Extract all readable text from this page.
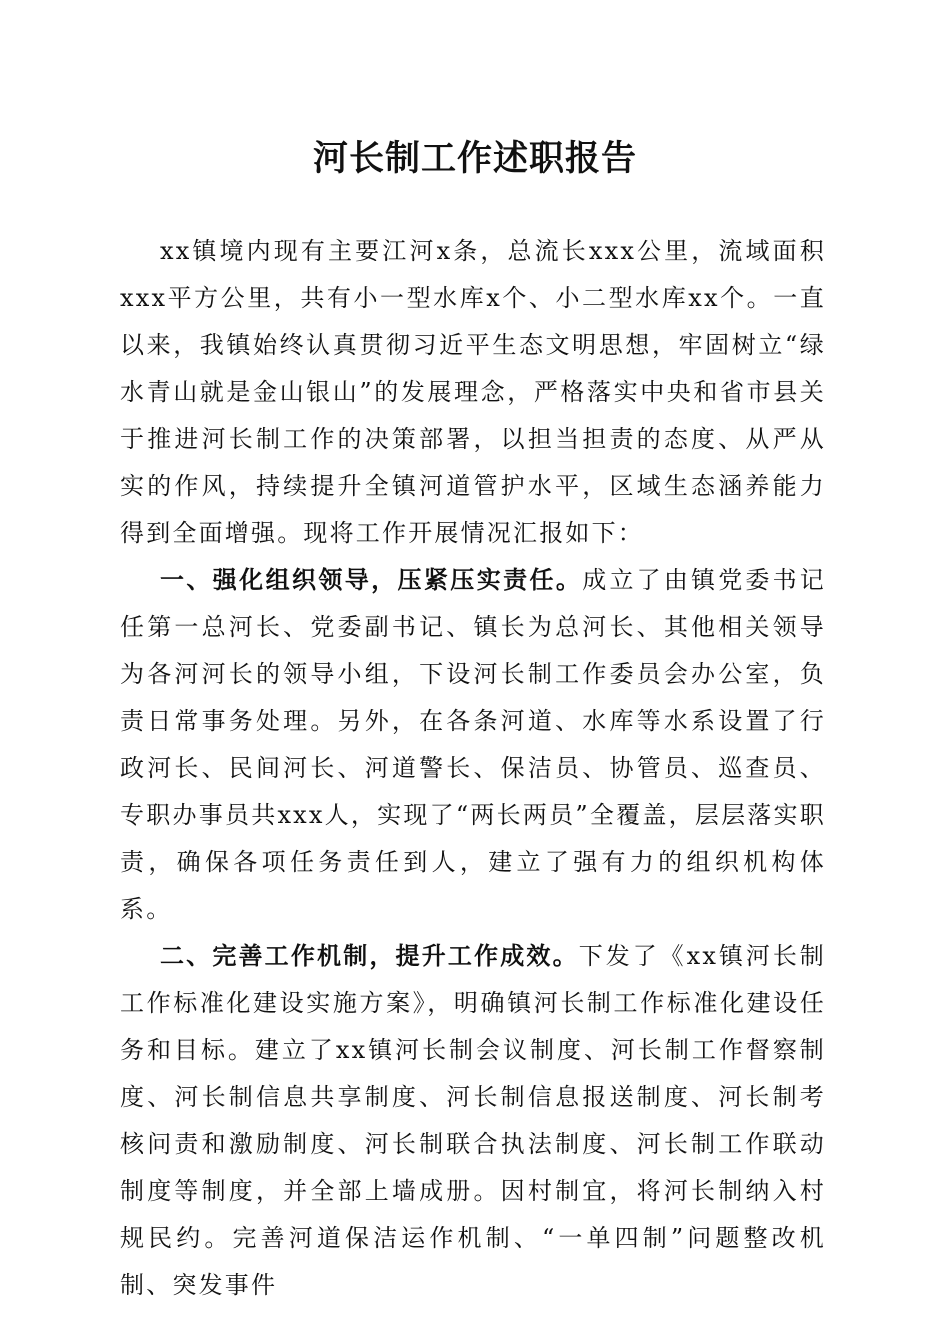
河长制工作述职报告

xx镇境内现有主要江河x条，总流长xxx公里，流域面积xxx平方公里，共有小一型水库x个、小二型水库xx个。一直以来，我镇始终认真贯彻习近平生态文明思想，牢固树立“绿水青山就是金山银山”的发展理念，严格落实中央和省市县关于推进河长制工作的决策部署，以担当担责的态度、从严从实的作风，持续提升全镇河道管护水平，区域生态涵养能力得到全面增强。现将工作开展情况汇报如下：

一、强化组织领导，压紧压实责任。成立了由镇党委书记任第一总河长、党委副书记、镇长为总河长、其他相关领导为各河河长的领导小组，下设河长制工作委员会办公室，负责日常事务处理。另外，在各条河道、水库等水系设置了行政河长、民间河长、河道警长、保洁员、协管员、巡查员、专职办事员共xxx人，实现了“两长两员”全覆盖，层层落实职责，确保各项任务责任到人，建立了强有力的组织机构体系。

二、完善工作机制，提升工作成效。下发了《xx镇河长制工作标准化建设实施方案》，明确镇河长制工作标准化建设任务和目标。建立了xx镇河长制会议制度、河长制工作督察制度、河长制信息共享制度、河长制信息报送制度、河长制考核问责和激励制度、河长制联合执法制度、河长制工作联动制度等制度，并全部上墙成册。因村制宜，将河长制纳入村规民约。完善河道保洁运作机制、“一单四制”问题整改机制、突发事件
